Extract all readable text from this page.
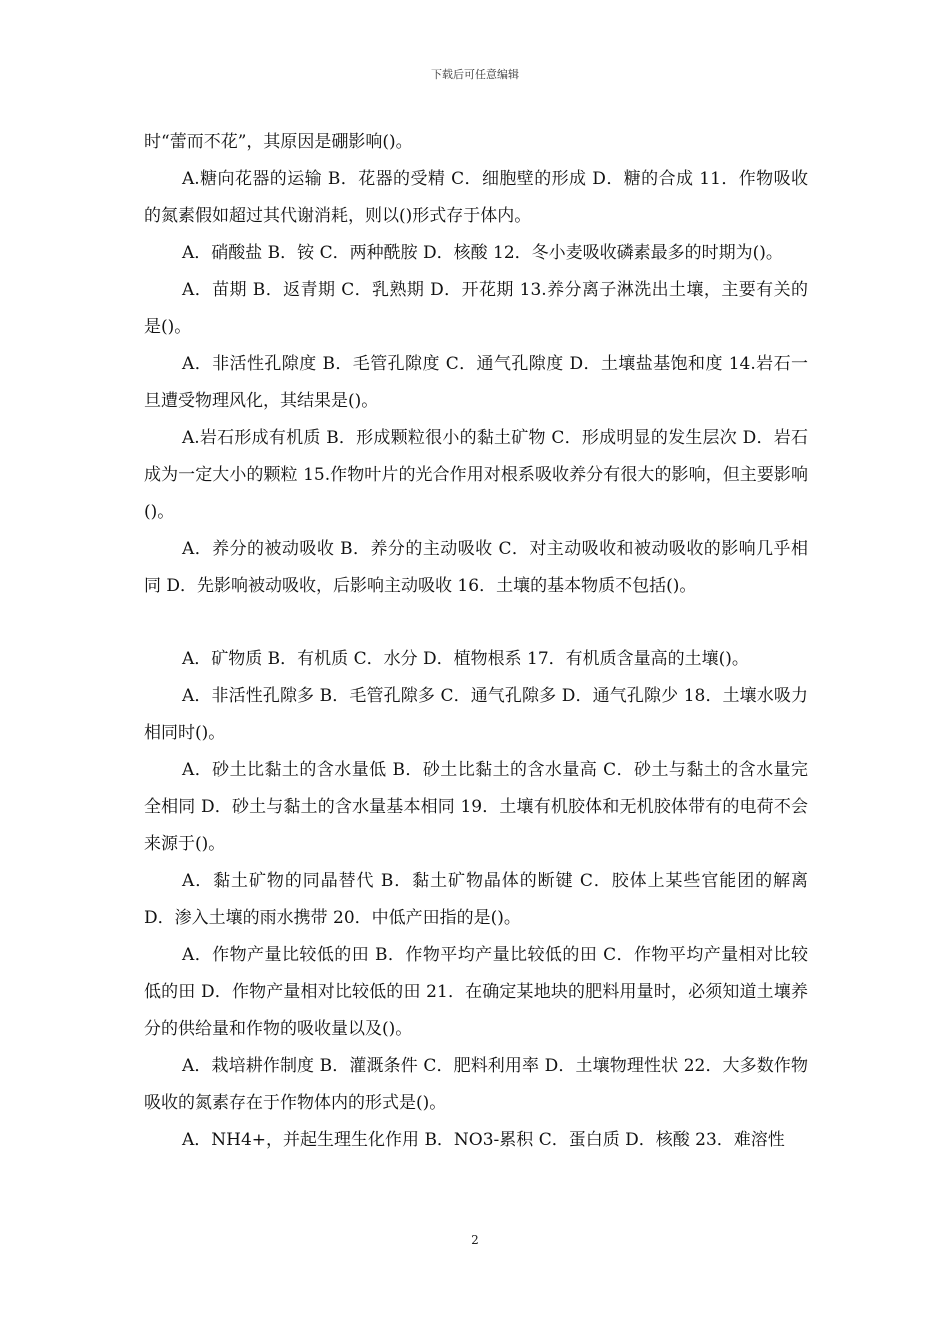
下载后可任意编辑

时“蕾而不花”，其原因是硼影响()。

A.糖向花器的运输 B．花器的受精 C．细胞壁的形成 D．糖的合成 11．作物吸收的氮素假如超过其代谢消耗，则以()形式存于体内。

A．硝酸盐 B．铵 C．两种酰胺 D．核酸 12．冬小麦吸收磷素最多的时期为()。

A．苗期 B．返青期 C．乳熟期 D．开花期 13.养分离子淋洗出土壤，主要有关的是()。

A．非活性孔隙度 B．毛管孔隙度 C．通气孔隙度 D．土壤盐基饱和度 14.岩石一旦遭受物理风化，其结果是()。

A.岩石形成有机质 B．形成颗粒很小的黏土矿物 C．形成明显的发生层次 D．岩石成为一定大小的颗粒 15.作物叶片的光合作用对根系吸收养分有很大的影响，但主要影响()。

A．养分的被动吸收 B．养分的主动吸收 C．对主动吸收和被动吸收的影响几乎相同 D．先影响被动吸收，后影响主动吸收 16．土壤的基本物质不包括()。

A．矿物质 B．有机质 C．水分 D．植物根系 17．有机质含量高的土壤()。

A．非活性孔隙多 B．毛管孔隙多 C．通气孔隙多 D．通气孔隙少 18．土壤水吸力相同时()。

A．砂土比黏土的含水量低 B．砂土比黏土的含水量高 C．砂土与黏土的含水量完全相同 D．砂土与黏土的含水量基本相同 19．土壤有机胶体和无机胶体带有的电荷不会来源于()。

A．黏土矿物的同晶替代 B．黏土矿物晶体的断键 C．胶体上某些官能团的解离 D．渗入土壤的雨水携带 20．中低产田指的是()。

A．作物产量比较低的田 B．作物平均产量比较低的田 C．作物平均产量相对比较低的田 D．作物产量相对比较低的田 21．在确定某地块的肥料用量时，必须知道土壤养分的供给量和作物的吸收量以及()。

A．栽培耕作制度 B．灌溉条件 C．肥料利用率 D．土壤物理性状 22．大多数作物吸收的氮素存在于作物体内的形式是()。

A．NH4+，并起生理生化作用 B．NO3-累积 C．蛋白质 D．核酸 23．难溶性

2
